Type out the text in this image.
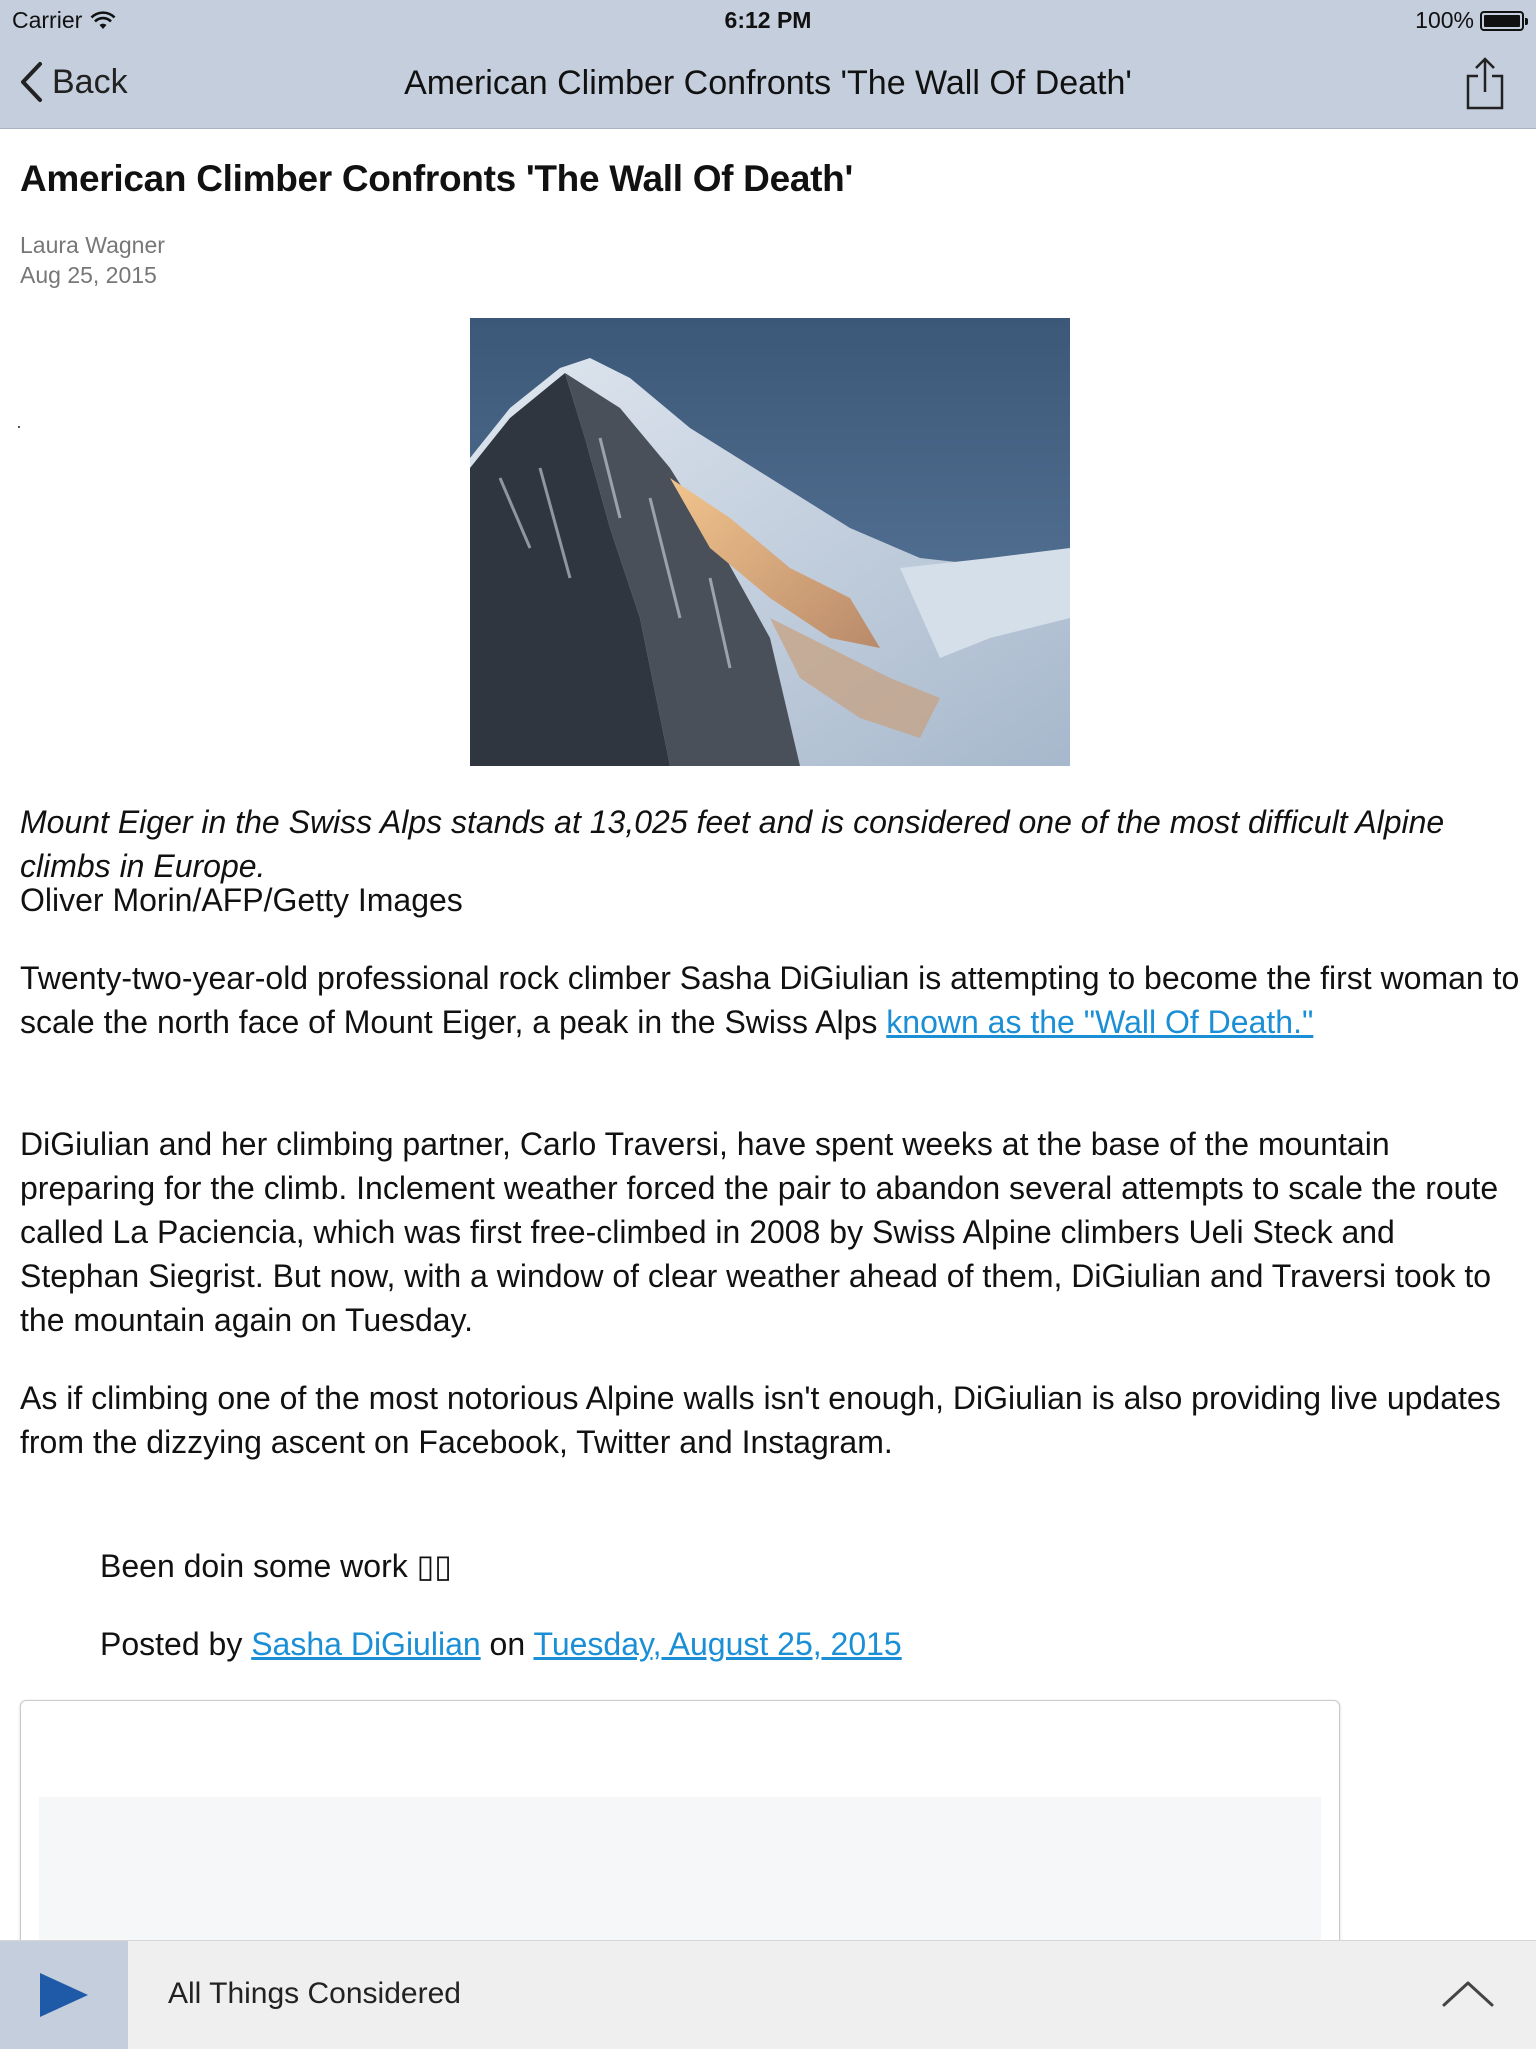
Carrier	6:12 PM	100%
Back	American Climber Confronts 'The Wall Of Death'
American Climber Confronts 'The Wall Of Death'
Laura Wagner
Aug 25, 2015
Mount Eiger in the Swiss Alps stands at 13,025 feet and is considered one of the most difficult Alpine climbs in Europe.
Oliver Morin/AFP/Getty Images
Twenty-two-year-old professional rock climber Sasha DiGiulian is attempting to become the first woman to scale the north face of Mount Eiger, a peak in the Swiss Alps known as the "Wall Of Death."
DiGiulian and her climbing partner, Carlo Traversi, have spent weeks at the base of the mountain preparing for the climb. Inclement weather forced the pair to abandon several attempts to scale the route called La Paciencia, which was first free-climbed in 2008 by Swiss Alpine climbers Ueli Steck and Stephan Siegrist. But now, with a window of clear weather ahead of them, DiGiulian and Traversi took to the mountain again on Tuesday.
As if climbing one of the most notorious Alpine walls isn't enough, DiGiulian is also providing live updates from the dizzying ascent on Facebook, Twitter and Instagram.
Been doin some work ▯▯
Posted by Sasha DiGiulian on Tuesday, August 25, 2015
All Things Considered
